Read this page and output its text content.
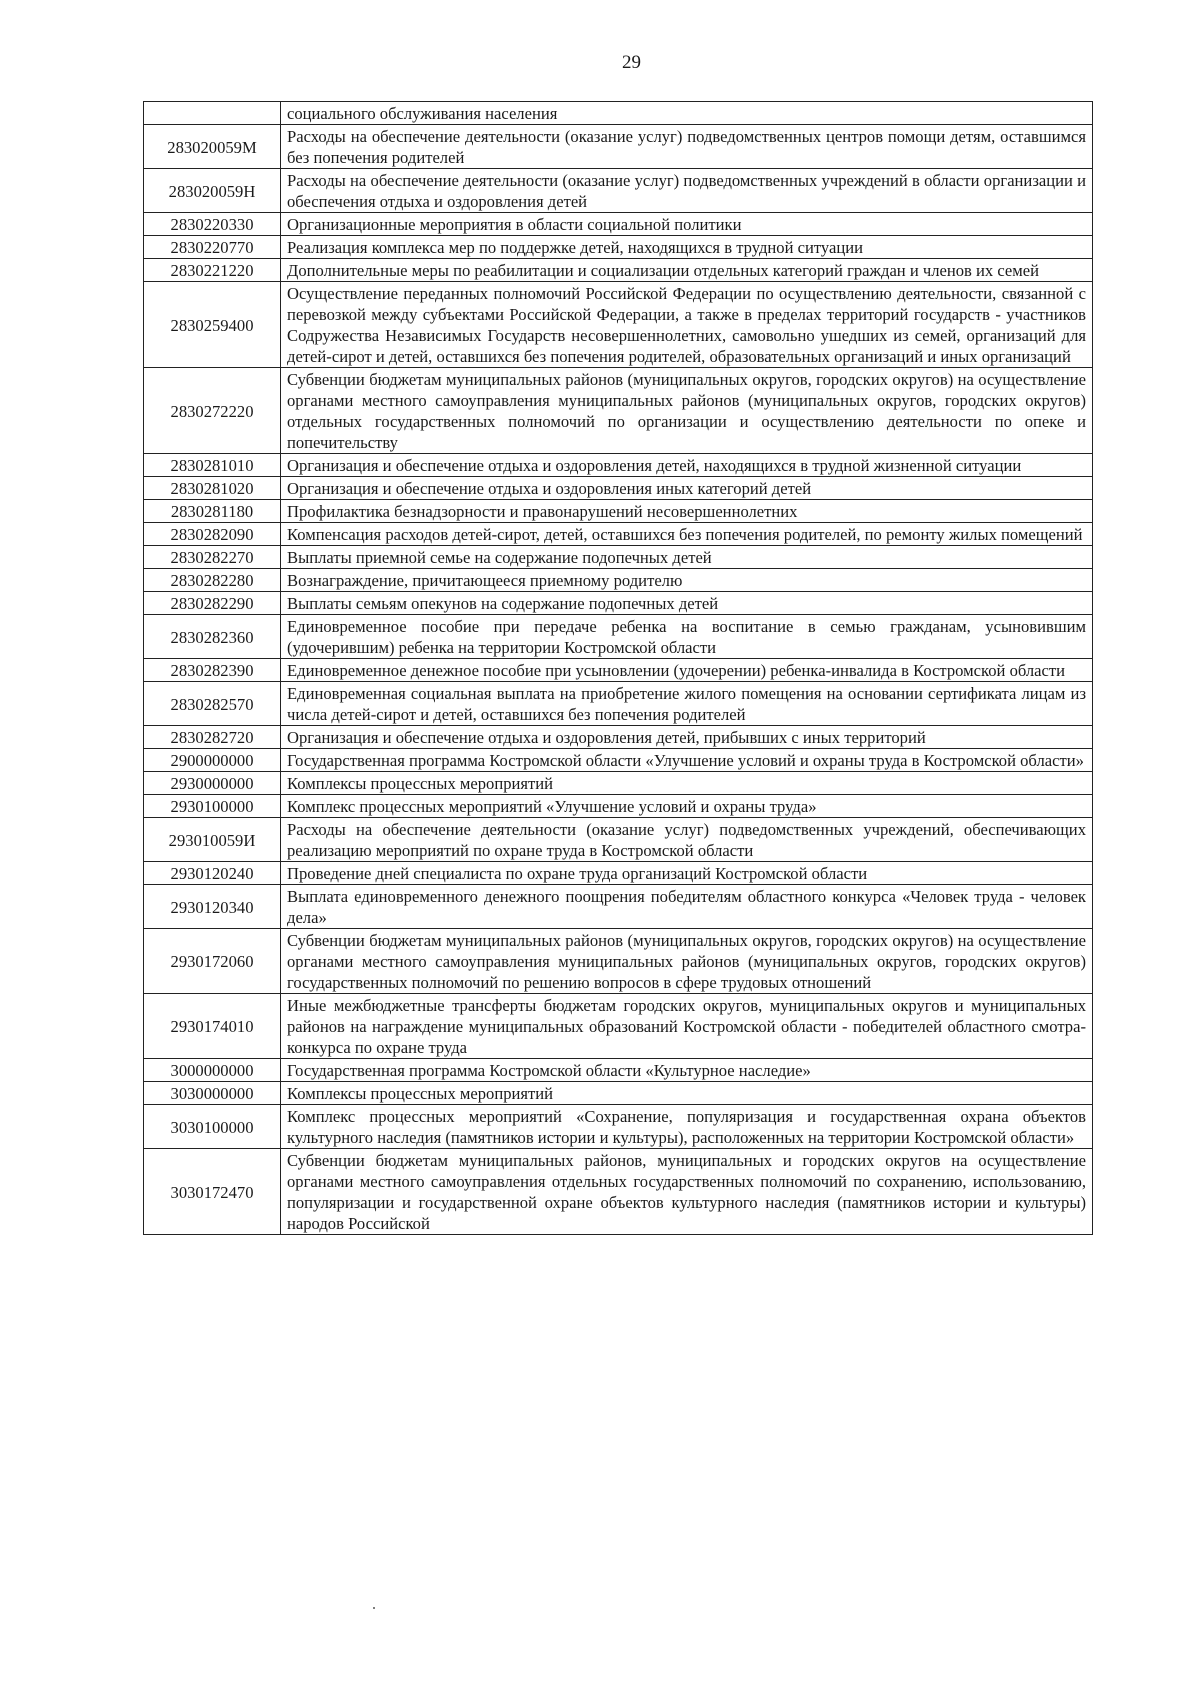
29
	социального обслуживания населения
283020059М	Расходы на обеспечение деятельности (оказание услуг) подведомственных центров помощи детям, оставшимся без попечения родителей
283020059Н	Расходы на обеспечение деятельности (оказание услуг) подведомственных учреждений в области организации и обеспечения отдыха и оздоровления детей
2830220330	Организационные мероприятия в области социальной политики
2830220770	Реализация комплекса мер по поддержке детей, находящихся в трудной ситуации
2830221220	Дополнительные меры по реабилитации и социализации отдельных категорий граждан и членов их семей
2830259400	Осуществление переданных полномочий Российской Федерации по осуществлению деятельности, связанной с перевозкой между субъектами Российской Федерации, а также в пределах территорий государств - участников Содружества Независимых Государств несовершеннолетних, самовольно ушедших из семей, организаций для детей-сирот и детей, оставшихся без попечения родителей, образовательных организаций и иных организаций
2830272220	Субвенции бюджетам муниципальных районов (муниципальных округов, городских округов) на осуществление органами местного самоуправления муниципальных районов (муниципальных округов, городских округов) отдельных государственных полномочий по организации и осуществлению деятельности по опеке и попечительству
2830281010	Организация и обеспечение отдыха и оздоровления детей, находящихся в трудной жизненной ситуации
2830281020	Организация и обеспечение отдыха и оздоровления иных категорий детей
2830281180	Профилактика безнадзорности и правонарушений несовершеннолетних
2830282090	Компенсация расходов детей-сирот, детей, оставшихся без попечения родителей, по ремонту жилых помещений
2830282270	Выплаты приемной семье на содержание подопечных детей
2830282280	Вознаграждение, причитающееся приемному родителю
2830282290	Выплаты семьям опекунов на содержание подопечных детей
2830282360	Единовременное пособие при передаче ребенка на воспитание в семью гражданам, усыновившим (удочерившим) ребенка на территории Костромской области
2830282390	Единовременное денежное пособие при усыновлении (удочерении) ребенка-инвалида в Костромской области
2830282570	Единовременная социальная выплата на приобретение жилого помещения на основании сертификата лицам из числа детей-сирот и детей, оставшихся без попечения родителей
2830282720	Организация и обеспечение отдыха и оздоровления детей, прибывших с иных территорий
2900000000	Государственная программа Костромской области «Улучшение условий и охраны труда в Костромской области»
2930000000	Комплексы процессных мероприятий
2930100000	Комплекс процессных мероприятий «Улучшение условий и охраны труда»
293010059И	Расходы на обеспечение деятельности (оказание услуг) подведомственных учреждений, обеспечивающих реализацию мероприятий по охране труда в Костромской области
2930120240	Проведение дней специалиста по охране труда организаций Костромской области
2930120340	Выплата единовременного денежного поощрения победителям областного конкурса «Человек труда - человек дела»
2930172060	Субвенции бюджетам муниципальных районов (муниципальных округов, городских округов) на осуществление органами местного самоуправления муниципальных районов (муниципальных округов, городских округов) государственных полномочий по решению вопросов в сфере трудовых отношений
2930174010	Иные межбюджетные трансферты бюджетам городских округов, муниципальных округов и муниципальных районов на награждение муниципальных образований Костромской области - победителей областного смотра-конкурса по охране труда
3000000000	Государственная программа Костромской области «Культурное наследие»
3030000000	Комплексы процессных мероприятий
3030100000	Комплекс процессных мероприятий «Сохранение, популяризация и государственная охрана объектов культурного наследия (памятников истории и культуры), расположенных на территории Костромской области»
3030172470	Субвенции бюджетам муниципальных районов, муниципальных и городских округов на осуществление органами местного самоуправления отдельных государственных полномочий по сохранению, использованию, популяризации и государственной охране объектов культурного наследия (памятников истории и культуры) народов Российской
